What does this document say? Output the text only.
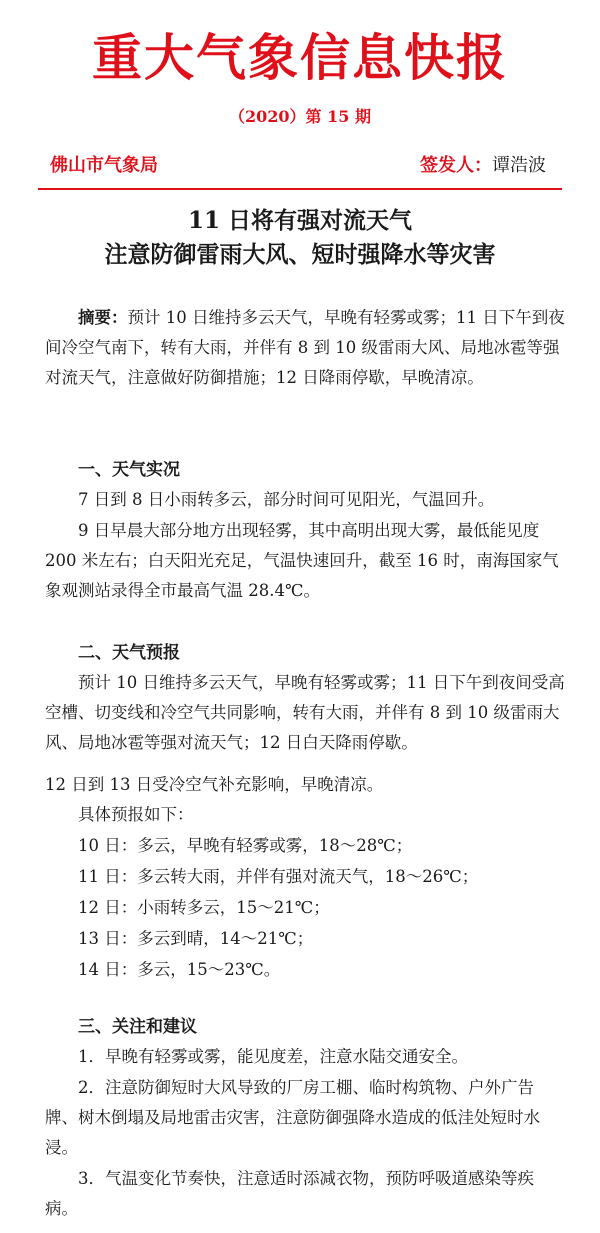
重大气象信息快报
（2020）第 15 期
佛山市气象局	签发人：谭浩波
11 日将有强对流天气
注意防御雷雨大风、短时强降水等灾害
摘要：预计 10 日维持多云天气，早晚有轻雾或雾；11 日下午到夜间冷空气南下，转有大雨，并伴有 8 到 10 级雷雨大风、局地冰雹等强对流天气，注意做好防御措施；12 日降雨停歇，早晚清凉。
一、天气实况
7 日到 8 日小雨转多云，部分时间可见阳光，气温回升。
9 日早晨大部分地方出现轻雾，其中高明出现大雾，最低能见度 200 米左右；白天阳光充足，气温快速回升，截至 16 时，南海国家气象观测站录得全市最高气温 28.4℃。
二、天气预报
预计 10 日维持多云天气，早晚有轻雾或雾；11 日下午到夜间受高空槽、切变线和冷空气共同影响，转有大雨，并伴有 8 到 10 级雷雨大风、局地冰雹等强对流天气；12 日白天降雨停歇。
12 日到 13 日受冷空气补充影响，早晚清凉。
具体预报如下：
10 日：多云，早晚有轻雾或雾，18～28℃；
11 日：多云转大雨，并伴有强对流天气，18～26℃；
12 日：小雨转多云，15～21℃；
13 日：多云到晴，14～21℃；
14 日：多云，15～23℃。
三、关注和建议
1．早晚有轻雾或雾，能见度差，注意水陆交通安全。
2．注意防御短时大风导致的厂房工棚、临时构筑物、户外广告牌、树木倒塌及局地雷击灾害，注意防御强降水造成的低洼处短时水浸。
3．气温变化节奏快，注意适时添减衣物，预防呼吸道感染等疾病。
